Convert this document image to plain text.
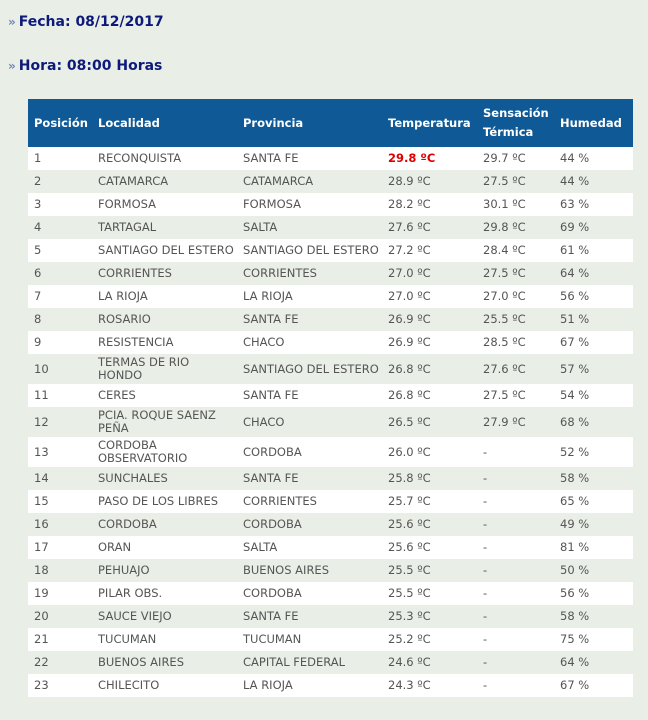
» Fecha: 08/12/2017
» Hora: 08:00 Horas
Posición	Localidad	Provincia	Temperatura	Sensación Térmica	Humedad
1	RECONQUISTA	SANTA FE	29.8 ºC	29.7 ºC	44 %
2	CATAMARCA	CATAMARCA	28.9 ºC	27.5 ºC	44 %
3	FORMOSA	FORMOSA	28.2 ºC	30.1 ºC	63 %
4	TARTAGAL	SALTA	27.6 ºC	29.8 ºC	69 %
5	SANTIAGO DEL ESTERO	SANTIAGO DEL ESTERO	27.2 ºC	28.4 ºC	61 %
6	CORRIENTES	CORRIENTES	27.0 ºC	27.5 ºC	64 %
7	LA RIOJA	LA RIOJA	27.0 ºC	27.0 ºC	56 %
8	ROSARIO	SANTA FE	26.9 ºC	25.5 ºC	51 %
9	RESISTENCIA	CHACO	26.9 ºC	28.5 ºC	67 %
10	TERMAS DE RIO HONDO	SANTIAGO DEL ESTERO	26.8 ºC	27.6 ºC	57 %
11	CERES	SANTA FE	26.8 ºC	27.5 ºC	54 %
12	PCIA. ROQUE SAENZ PEÑA	CHACO	26.5 ºC	27.9 ºC	68 %
13	CORDOBA OBSERVATORIO	CORDOBA	26.0 ºC	-	52 %
14	SUNCHALES	SANTA FE	25.8 ºC	-	58 %
15	PASO DE LOS LIBRES	CORRIENTES	25.7 ºC	-	65 %
16	CORDOBA	CORDOBA	25.6 ºC	-	49 %
17	ORAN	SALTA	25.6 ºC	-	81 %
18	PEHUAJO	BUENOS AIRES	25.5 ºC	-	50 %
19	PILAR OBS.	CORDOBA	25.5 ºC	-	56 %
20	SAUCE VIEJO	SANTA FE	25.3 ºC	-	58 %
21	TUCUMAN	TUCUMAN	25.2 ºC	-	75 %
22	BUENOS AIRES	CAPITAL FEDERAL	24.6 ºC	-	64 %
23	CHILECITO	LA RIOJA	24.3 ºC	-	67 %
